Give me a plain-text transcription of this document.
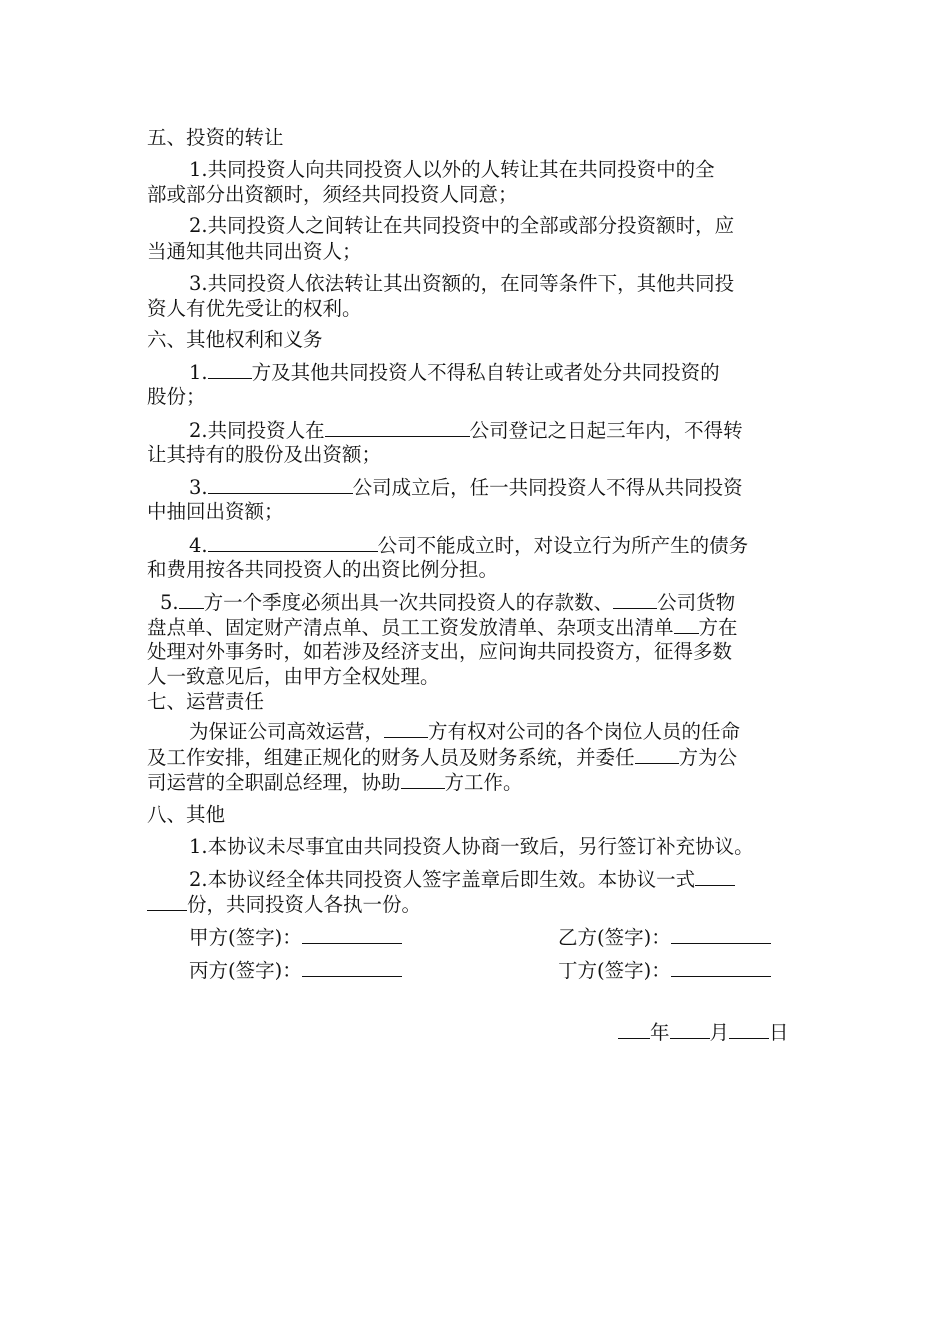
五、投资的转让
1.共同投资人向共同投资人以外的人转让其在共同投资中的全
部或部分出资额时，须经共同投资人同意；
2.共同投资人之间转让在共同投资中的全部或部分投资额时，应
当通知其他共同出资人；
3.共同投资人依法转让其出资额的，在同等条件下，其他共同投
资人有优先受让的权利。
六、其他权利和义务
1. 方及其他共同投资人不得私自转让或者处分共同投资的
股份；
2.共同投资人在	公司登记之日起三年内，不得转
让其持有的股份及出资额；
3.	公司成立后，任一共同投资人不得从共同投资
中抽回出资额；
4.	公司不能成立时，对设立行为所产生的债务
和费用按各共同投资人的出资比例分担。
5. 方一个季度必须出具一次共同投资人的存款数、 公司货物
盘点单、固定财产清点单、员工工资发放清单、杂项支出清单 方在
处理对外事务时，如若涉及经济支出，应问询共同投资方，征得多数
人一致意见后，由甲方全权处理。
七、运营责任
为保证公司高效运营， 方有权对公司的各个岗位人员的任命
及工作安排，组建正规化的财务人员及财务系统，并委任 方为公
司运营的全职副总经理，协助 方工作。
八、其他
1.本协议未尽事宜由共同投资人协商一致后，另行签订补充协议。
2.本协议经全体共同投资人签字盖章后即生效。本协议一式
份，共同投资人各执一份。
甲方(签字)：	乙方(签字)：
丙方(签字)：	丁方(签字)：
年 月 日
